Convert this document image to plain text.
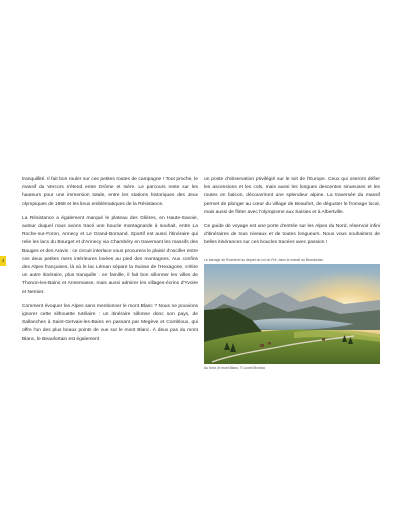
4

tranquillité. Il fait bon rouler sur ces petites routes de campagne ! Tout proche, le massif du Vercors s'étend entre Drôme et Isère. Le parcours reste sur les hauteurs pour une immersion totale, entre les stations historiques des Jeux olympiques de 1968 et les lieux emblématiques de la Résistance.

La Résistance a également marqué le plateau des Glières, en Haute-Savoie, autour duquel nous avons tracé une boucle montagnarde à souhait, entre La Roche-sur-Foron, Annecy et Le Grand-Bornand. Sportif est aussi l'itinéraire qui relie les lacs du Bourget et d'Annecy via Chambéry en traversant les massifs des Bauges et des Aravis : ce circuit interlace vous procurera le plaisir d'osciller entre ces deux petites mers intérieures lovées au pied des montagnes. Aux confins des Alpes françaises, là où le lac Léman sépare la Suisse de l'Hexagone, s'étire un autre itinéraire, plus tranquille : en famille, il fait bon sillonner les villes de Thonon-les-Bains et Annemasse, mais aussi admirer les villages-écrins d'Yvoire et Nernier.

Comment évoquer les Alpes sans mentionner le mont Blanc ? Nous ne pouvions ignorer cette silhouette tutélaire : un itinéraire sillonne donc son pays, de Sallanches à Saint-Gervais-les-Bains en passant par Megève et Combloux, qui offre l'un des plus beaux points de vue sur le mont Blanc. À deux pas du mont Blanc, le Beaufortain est également

un poste d'observation privilégié sur le toit de l'Europe. Ceux qui oseront défier les ascensions et les cols, mais aussi les longues descentes sinueuses et les routes en balcon, découvriront une splendeur alpine. La traversée du massif permet de plonger au cœur du village de Beaufort, de déguster le fromage local, mais aussi de flirter avec l'olympisme aux Saisies et à Albertville.

Ce guide de voyage est une porte d'entrée sur les Alpes du Nord, réservoir infini d'itinéraires de tous niveaux et de toutes longueurs. Nous vous souhaitons de belles itinérances sur ces boucles tracées avec passion !

Le barrage de Roselend au départ du col du Pré, dans le massif du Beaufortain.
Au fond, le mont Blanc. © Lionel Montico
